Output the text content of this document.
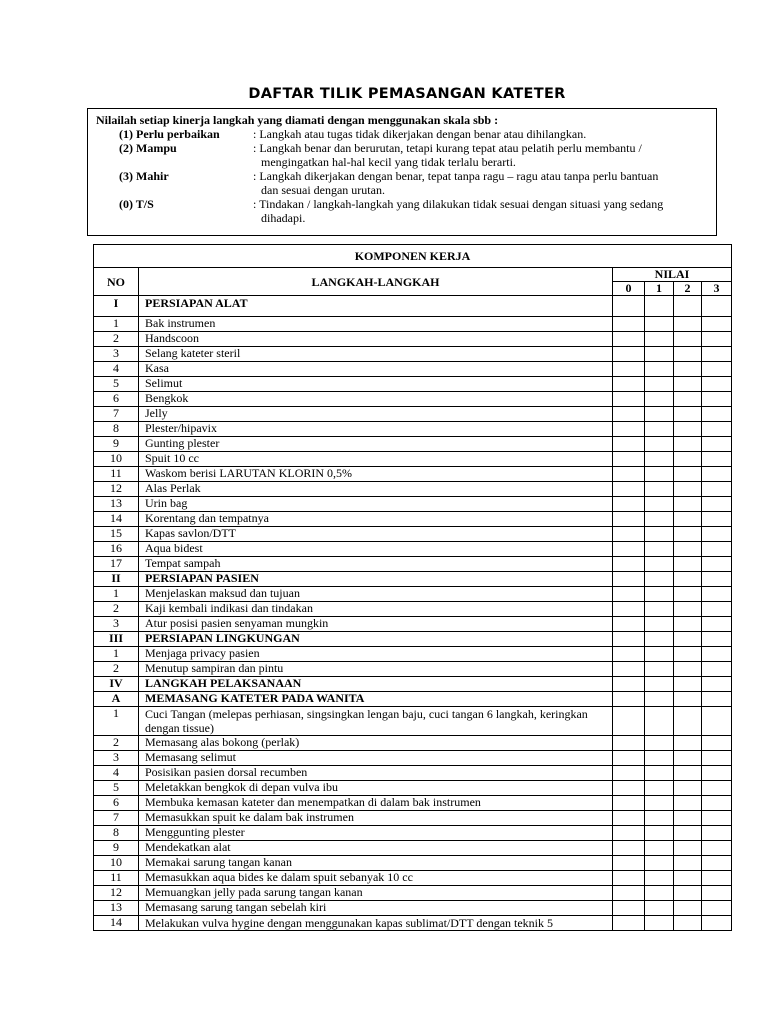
DAFTAR TILIK PEMASANGAN KATETER
Nilailah setiap kinerja langkah yang diamati dengan menggunakan skala sbb :
(1) Perlu perbaikan	: Langkah atau tugas tidak dikerjakan dengan benar atau dihilangkan.
(2) Mampu	: Langkah benar dan berurutan, tetapi kurang tepat atau pelatih perlu membantu /
mengingatkan hal-hal kecil yang tidak terlalu berarti.
(3) Mahir	: Langkah dikerjakan dengan benar, tepat tanpa ragu – ragu atau tanpa perlu bantuan
dan sesuai dengan urutan.
(0) T/S	: Tindakan / langkah-langkah yang dilakukan tidak sesuai dengan situasi yang sedang
dihadapi.
KOMPONEN KERJA					
NO	LANGKAH-LANGKAH	NILAI			
		0	1	2	3
I	PERSIAPAN ALAT				
1	Bak instrumen				
2	Handscoon				
3	Selang kateter steril				
4	Kasa				
5	Selimut				
6	Bengkok				
7	Jelly				
8	Plester/hipavix				
9	Gunting plester				
10	Spuit 10 cc				
11	Waskom berisi LARUTAN KLORIN 0,5%				
12	Alas Perlak				
13	Urin bag				
14	Korentang dan tempatnya				
15	Kapas savlon/DTT				
16	Aqua bidest				
17	Tempat sampah				
II	PERSIAPAN PASIEN				
1	Menjelaskan maksud dan tujuan				
2	Kaji kembali indikasi dan tindakan				
3	Atur posisi pasien senyaman mungkin				
III	PERSIAPAN LINGKUNGAN				
1	Menjaga privacy pasien				
2	Menutup sampiran dan pintu				
IV	LANGKAH PELAKSANAAN				
A	MEMASANG KATETER PADA WANITA				
1	Cuci Tangan (melepas perhiasan, singsingkan lengan baju, cuci tangan 6 langkah, keringkan dengan tissue)				
2	Memasang alas bokong (perlak)				
3	Memasang selimut				
4	Posisikan pasien dorsal recumben				
5	Meletakkan bengkok di depan vulva ibu				
6	Membuka kemasan kateter dan menempatkan di dalam bak instrumen				
7	Memasukkan spuit ke dalam bak instrumen				
8	Menggunting plester				
9	Mendekatkan alat				
10	Memakai sarung tangan kanan				
11	Memasukkan aqua bides ke dalam spuit sebanyak 10 cc				
12	Memuangkan jelly pada sarung tangan kanan				
13	Memasang sarung tangan sebelah kiri				
14	Melakukan vulva hygine dengan menggunakan kapas sublimat/DTT dengan teknik 5				
